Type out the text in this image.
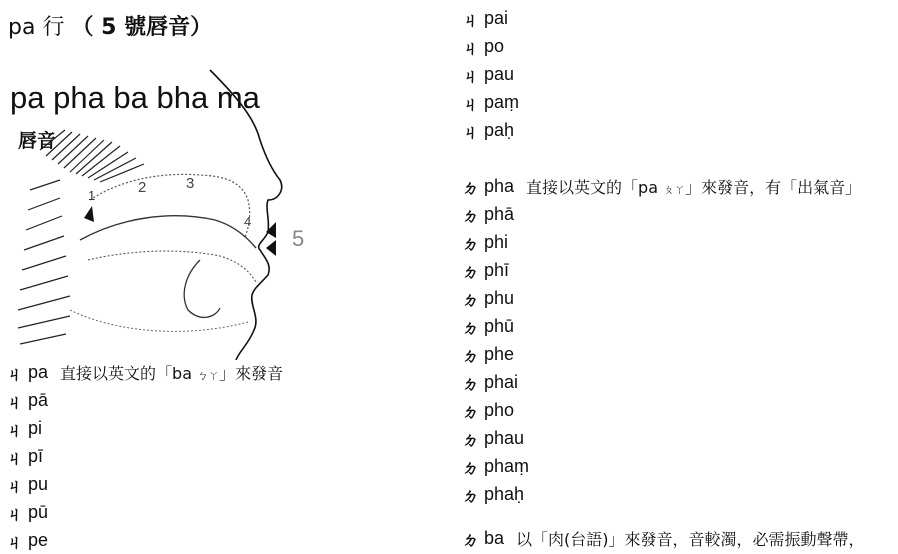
pa 行 （ 5 號唇音）
1	2	3
4
5
pa pha ba bha ma
唇音
ㄐ pa 直接以英文的「ba ㄅㄚ」來發音
ㄐ pā
ㄐ pi
ㄐ pī
ㄐ pu
ㄐ pū
ㄐ pe
ㄐ pai
ㄐ po
ㄐ pau
ㄐ paṃ
ㄐ paḥ
ㄉ pha 直接以英文的「pa ㄆㄚ」來發音，有「出氣音」
ㄉ phā
ㄉ phi
ㄉ phī
ㄉ phu
ㄉ phū
ㄉ phe
ㄉ phai
ㄉ pho
ㄉ phau
ㄉ phaṃ
ㄉ phaḥ
ㄉ ba 以「肉(台語)」來發音，音較濁，必需振動聲帶，
